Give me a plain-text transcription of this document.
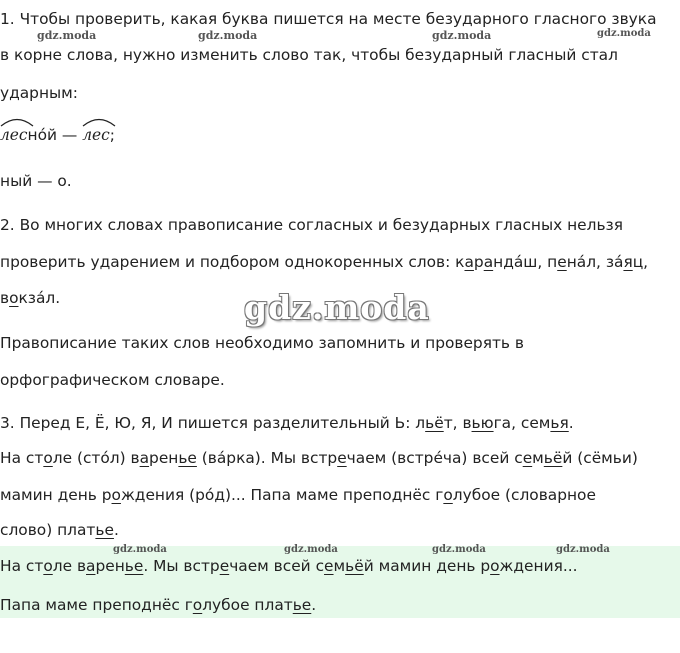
1. Чтобы проверить, какая буква пишется на месте безударного гласного звука
в корне слова, нужно изменить слово так, чтобы безударный гласный стал
ударным:
леснóй —
лес;
ный — о.
2. Во многих словах правописание согласных и безударных гласных нельзя
проверить ударением и подбором однокоренных слов: карандáш, пенáл, зáяц,
вокзáл.
Правописание таких слов необходимо запомнить и проверять в
орфографическом словаре.
3. Перед Е, Ё, Ю, Я, И пишется разделительный Ь: льёт, вьюга, семья.
На столе (стóл) варенье (вáрка). Мы встречаем (встрéча) всей семьёй (сёмьи)
мамин день рождения (рóд)... Папа маме преподнёс голубое (словарное
слово) платье.
На столе варенье. Мы встречаем всей семьёй мамин день рождения...
Папа маме преподнёс голубое платье.
gdz.moda	gdz.moda	gdz.moda	gdz.moda
gdz.moda	gdz.moda	gdz.moda	gdz.moda
gdz.moda
